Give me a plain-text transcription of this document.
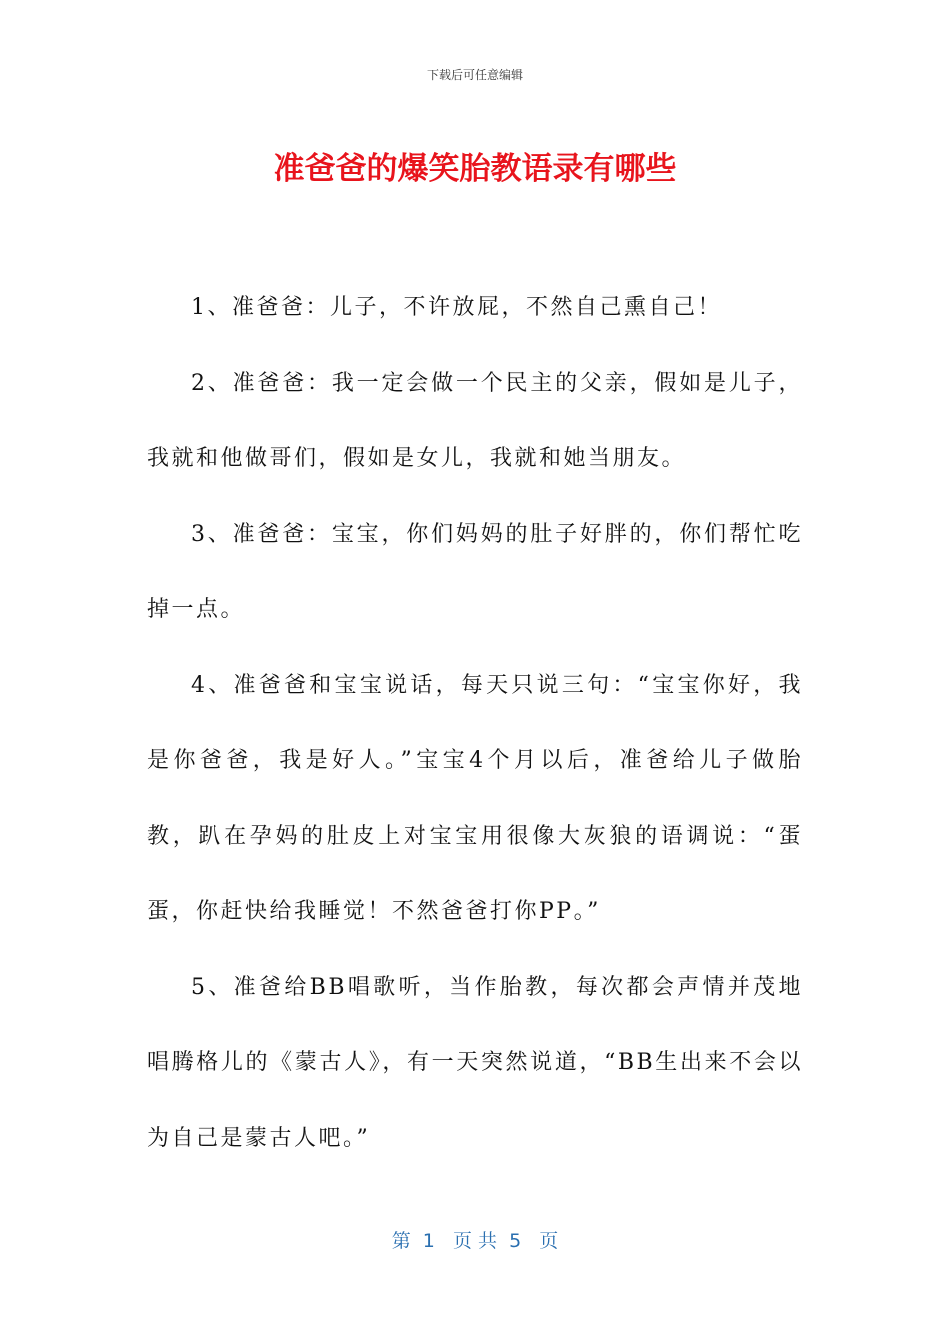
下载后可任意编辑
准爸爸的爆笑胎教语录有哪些

1、准爸爸：儿子，不许放屁，不然自己熏自己！

2、准爸爸：我一定会做一个民主的父亲，假如是儿子，我就和他做哥们，假如是女儿，我就和她当朋友。

3、准爸爸：宝宝，你们妈妈的肚子好胖的，你们帮忙吃掉一点。

4、准爸爸和宝宝说话，每天只说三句：“宝宝你好，我是你爸爸，我是好人。”宝宝4个月以后，准爸给儿子做胎教，趴在孕妈的肚皮上对宝宝用很像大灰狼的语调说：“蛋蛋，你赶快给我睡觉！不然爸爸打你PP。”

5、准爸给BB唱歌听，当作胎教，每次都会声情并茂地唱腾格儿的《蒙古人》，有一天突然说道，“BB生出来不会以为自己是蒙古人吧。”

第  1   页 共  5   页
